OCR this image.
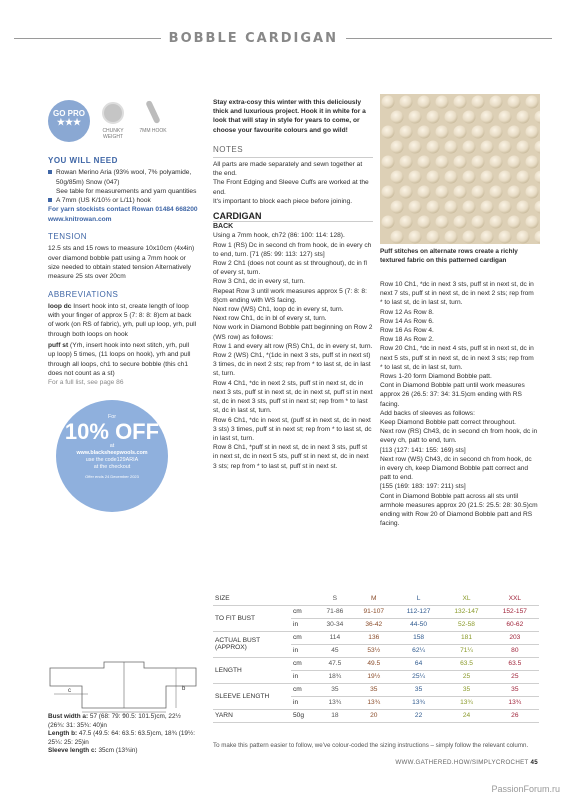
BOBBLE CARDIGAN
GO PRO
★★★
CHUNKY WEIGHT
7MM HOOK
YOU WILL NEED
Rowan Merino Aria (93% wool, 7% polyamide, 50g/85m) Snow (047)
See table for measurements and yarn quantities
A 7mm (US K/10½ or L/11) hook
For yarn stockists contact Rowan 01484 668200 www.knitrowan.com
TENSION
12.5 sts and 15 rows to measure 10x10cm (4x4in) over diamond bobble patt using a 7mm hook or size needed to obtain stated tension Alternatively measure 25 sts over 20cm
ABBREVIATIONS
loop dc Insert hook into st, create length of loop with your finger of approx 5 (7: 8: 8: 8)cm at back of work (on RS of fabric), yrh, pull up loop, yrh, pull through both loops on hook
puff st (Yrh, insert hook into next stitch, yrh, pull up loop) 5 times, (11 loops on hook), yrh and pull through all loops, ch1 to secure bobble (this ch1 does not count as a st)
For a full list, see page 86
For
10% OFF
at
www.blacksheepwools.com
use the code129ARIA
at the checkout
Offer ends 24 December 2023
b
c
Bust width a: 57 (68: 79: 90.5: 101.5)cm, 22½ (26¾: 31: 35¾: 40)in
Length b: 47.5 (49.5: 64: 63.5: 63.5)cm, 18¾ (19½: 25¼: 25: 25)in
Sleeve length c: 35cm (13¾in)
Stay extra-cosy this winter with this deliciously thick and luxurious project. Hook it in white for a look that will stay in style for years to come, or choose your favourite colours and go wild!
NOTES

All parts are made separately and sewn together at the end.

The Front Edging and Sleeve Cuffs are worked at the end.

It's important to block each piece before joining.

CARDIGAN
BACK

Using a 7mm hook, ch72 (86: 100: 114: 128).

Row 1 (RS) Dc in second ch from hook, dc in every ch to end, turn. [71 (85: 99: 113: 127) sts]

Row 2 Ch1 (does not count as st throughout), dc in fl of every st, turn.

Row 3 Ch1, dc in every st, turn.

Repeat Row 3 until work measures approx 5 (7: 8: 8: 8)cm ending with WS facing.

Next row (WS) Ch1, loop dc in every st, turn.

Next row Ch1, dc in bl of every st, turn.

Now work in Diamond Bobble patt beginning on Row 2 (WS row) as follows:

Row 1 and every alt row (RS) Ch1, dc in every st, turn.

Row 2 (WS) Ch1, *(1dc in next 3 sts, puff st in next st) 3 times, dc in next 2 sts; rep from * to last st, dc in last st, turn.

Row 4 Ch1, *dc in next 2 sts, puff st in next st, dc in next 3 sts, puff st in next st, dc in next st, puff st in next st, dc in next 3 sts, puff st in next st; rep from * to last st, dc in last st, turn.

Row 6 Ch1, *dc in next st, (puff st in next st, dc in next 3 sts) 3 times, puff st in next st; rep from * to last st, dc in last st, turn.

Row 8 Ch1, *puff st in next st, dc in next 3 sts, puff st in next st, dc in next 5 sts, puff st in next st, dc in next 3 sts; rep from * to last st, puff st in next st.

Puff stitches on alternate rows create a richly textured fabric on this patterned cardigan

Row 10 Ch1, *dc in next 3 sts, puff st in next st, dc in next 7 sts, puff st in next st, dc in next 2 sts; rep from * to last st, dc in last st, turn.

Row 12 As Row 8.

Row 14 As Row 6.

Row 16 As Row 4.

Row 18 As Row 2.

Row 20 Ch1, *dc in next 4 sts, puff st in next st, dc in next 5 sts, puff st in next st, dc in next 3 sts; rep from * to last st, dc in last st, turn.

Rows 1-20 form Diamond Bobble patt.

Cont in Diamond Bobble patt until work measures approx 26 (26.5: 37: 34: 31.5)cm ending with RS facing.

Add backs of sleeves as follows:

Keep Diamond Bobble patt correct throughout.

Next row (RS) Ch43, dc in second ch from hook, dc in every ch, patt to end, turn.

[113 (127: 141: 155: 169) sts]

Next row (WS) Ch43, dc in second ch from hook, dc in every ch, keep Diamond Bobble patt correct and patt to end.

[155 (169: 183: 197: 211) sts]

Cont in Diamond Bobble patt across all sts until armhole measures approx 20 (21.5: 25.5: 28: 30.5)cm ending with Row 20 of Diamond Bobble patt and RS facing.

SIZE		S	M	L	XL	XXL
TO FIT BUST	cm	71-86	91-107	112-127	132-147	152-157
	in	30-34	36-42	44-50	52-58	60-62
ACTUAL BUST (APPROX)	cm	114	136	158	181	203
	in	45	53½	62¼	71¼	80
LENGTH	cm	47.5	49.5	64	63.5	63.5
	in	18¾	19½	25¼	25	25
SLEEVE LENGTH	cm	35	35	35	35	35
	in	13¾	13¾	13¾	13¾	13¾
YARN	50g	18	20	22	24	26
To make this pattern easier to follow, we've colour-coded the sizing instructions – simply follow the relevant column.
WWW.GATHERED.HOW/SIMPLYCROCHET 45
PassionForum.ru
